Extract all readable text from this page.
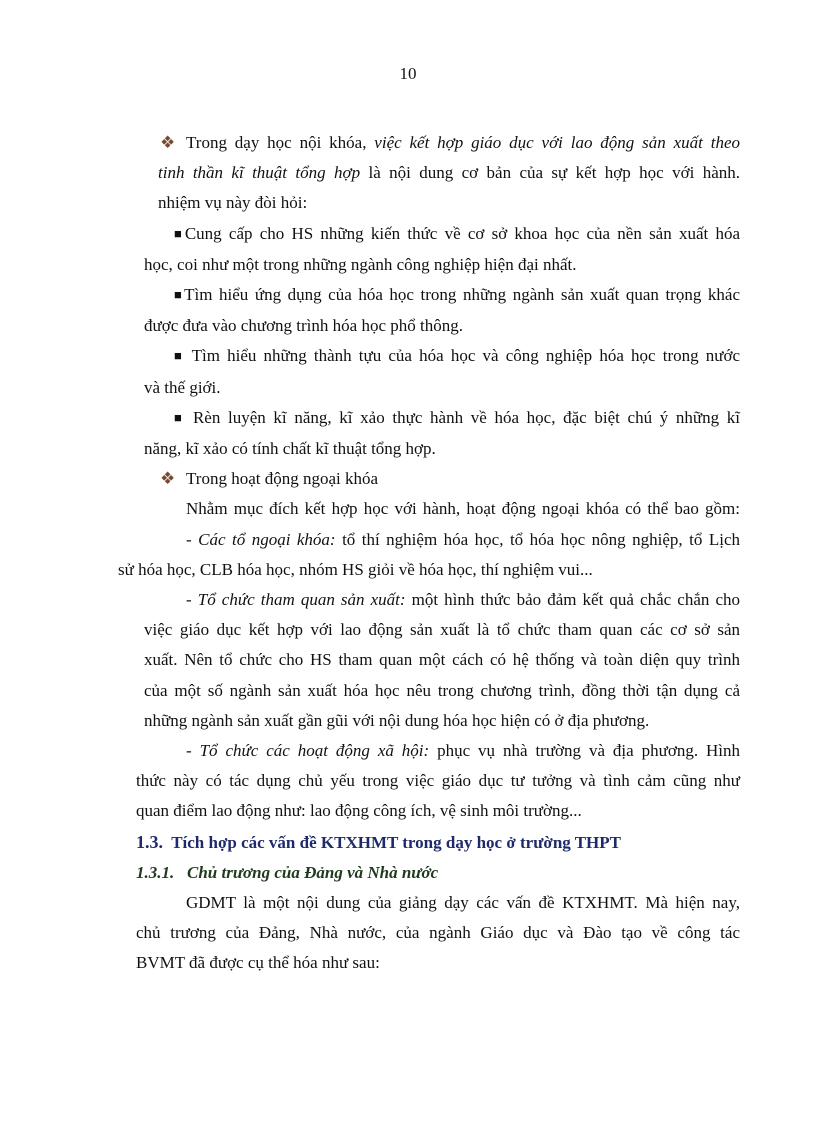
10
❖ Trong dạy học nội khóa, việc kết hợp giáo dục với lao động sản xuất theo
tinh thần kĩ thuật tổng hợp là nội dung cơ bản của sự kết hợp học với hành.
nhiệm vụ này đòi hỏi:
■Cung cấp cho HS những kiến thức về cơ sở khoa học của nền sản xuất hóa
học, coi như một trong những ngành công nghiệp hiện đại nhất.
■Tìm hiểu ứng dụng của hóa học trong những ngành sản xuất quan trọng khác
được đưa vào chương trình hóa học phổ thông.
■ Tìm hiểu những thành tựu của hóa học và công nghiệp hóa học trong nước
và thế giới.
■ Rèn luyện kĩ năng, kĩ xảo thực hành về hóa học, đặc biệt chú ý những kĩ
năng, kĩ xảo có tính chất kĩ thuật tổng hợp.
❖ Trong hoạt động ngoại khóa
Nhằm mục đích kết hợp học với hành, hoạt động ngoại khóa có thể bao gồm:
- Các tổ ngoại khóa: tổ thí nghiệm hóa học, tổ hóa học nông nghiệp, tổ Lịch
sử hóa học, CLB hóa học, nhóm HS giỏi về hóa học, thí nghiệm vui...
- Tổ chức tham quan sản xuất: một hình thức bảo đảm kết quả chắc chắn cho
việc giáo dục kết hợp với lao động sản xuất là tổ chức tham quan các cơ sở sản
xuất. Nên tổ chức cho HS tham quan một cách có hệ thống và toàn diện quy trình
của một số ngành sản xuất hóa học nêu trong chương trình, đồng thời tận dụng cả
những ngành sản xuất gần gũi với nội dung hóa học hiện có ở địa phương.
- Tổ chức các hoạt động xã hội: phục vụ nhà trường và địa phương. Hình
thức này có tác dụng chủ yếu trong việc giáo dục tư tưởng và tình cảm cũng như
quan điểm lao động như: lao động công ích, vệ sinh môi trường...
1.3. Tích hợp các vấn đề KTXHMT trong dạy học ở trường THPT
1.3.1. Chủ trương của Đảng và Nhà nước
GDMT là một nội dung của giảng dạy các vấn đề KTXHMT. Mà hiện nay,
chủ trương của Đảng, Nhà nước, của ngành Giáo dục và Đào tạo về công tác
BVMT đã được cụ thể hóa như sau:
